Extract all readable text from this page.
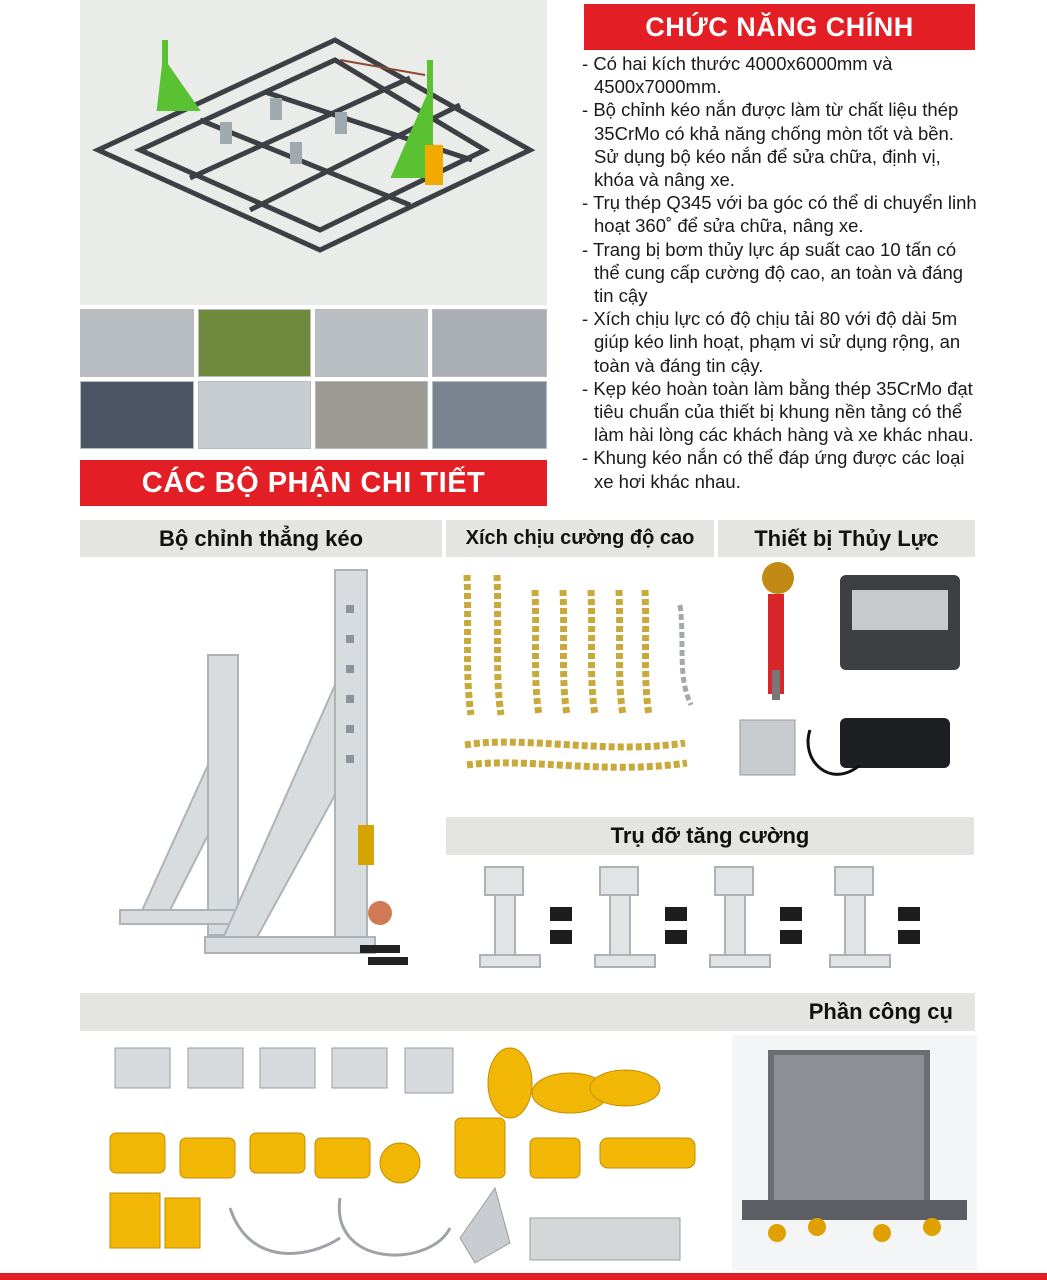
CHỨC NĂNG CHÍNH
- Có hai kích thước 4000x6000mm và 4500x7000mm.
- Bộ chỉnh kéo nắn được làm từ chất liệu thép 35CrMo có khả năng chống mòn tốt và bền. Sử dụng bộ kéo nắn để sửa chữa, định vị, khóa và nâng xe.
- Trụ thép Q345 với ba góc có thể di chuyển linh hoạt 360˚ để sửa chữa, nâng xe.
- Trang bị bơm thủy lực áp suất cao 10 tấn có thể cung cấp cường độ cao, an toàn và đáng tin cậy
- Xích chịu lực có độ chịu tải 80 với độ dài 5m giúp kéo linh hoạt, phạm vi sử dụng rộng, an toàn và đáng tin cậy.
- Kẹp kéo hoàn toàn làm bằng thép 35CrMo đạt tiêu chuẩn của thiết bị khung nền tảng có thể làm hài lòng các khách hàng và xe khác nhau.
- Khung kéo nắn có thể đáp ứng được các loại xe hơi khác nhau.
CÁC BỘ PHẬN CHI TIẾT
Bộ chỉnh thẳng kéo	Xích chịu cường độ cao	Thiết bị Thủy Lực
Trụ đỡ tăng cường
Phần công cụ
